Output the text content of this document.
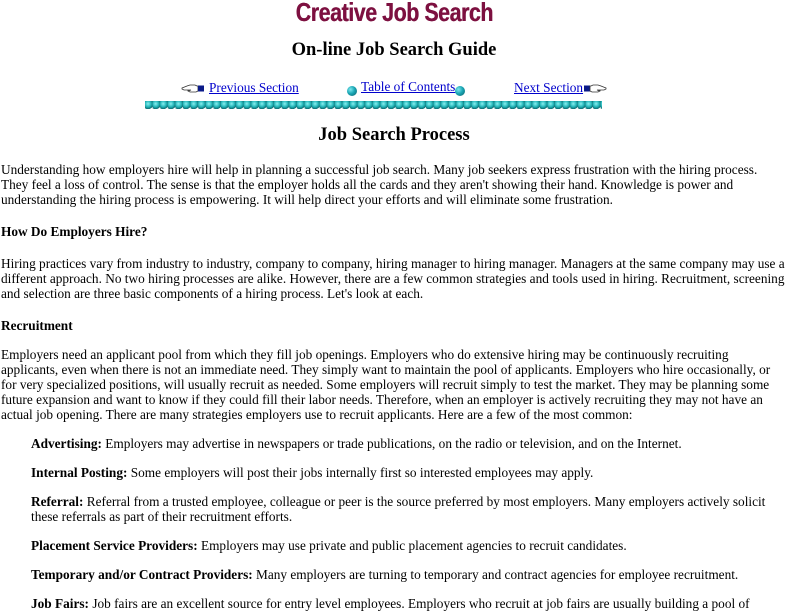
Creative Job Search
On-line Job Search Guide
Previous Section	Table of Contents	Next Section
Job Search Process

Understanding how employers hire will help in planning a successful job search. Many job seekers express frustration with the hiring process. They feel a loss of control. The sense is that the employer holds all the cards and they aren't showing their hand. Knowledge is power and understanding the hiring process is empowering. It will help direct your efforts and will eliminate some frustration.

How Do Employers Hire?

Hiring practices vary from industry to industry, company to company, hiring manager to hiring manager. Managers at the same company may use a different approach. No two hiring processes are alike. However, there are a few common strategies and tools used in hiring. Recruitment, screening and selection are three basic components of a hiring process. Let's look at each.

Recruitment

Employers need an applicant pool from which they fill job openings. Employers who do extensive hiring may be continuously recruiting applicants, even when there is not an immediate need. They simply want to maintain the pool of applicants. Employers who hire occasionally, or for very specialized positions, will usually recruit as needed. Some employers will recruit simply to test the market. They may be planning some future expansion and want to know if they could fill their labor needs. Therefore, when an employer is actively recruiting they may not have an actual job opening. There are many strategies employers use to recruit applicants. Here are a few of the most common:

Advertising: Employers may advertise in newspapers or trade publications, on the radio or television, and on the Internet.

Internal Posting: Some employers will post their jobs internally first so interested employees may apply.

Referral: Referral from a trusted employee, colleague or peer is the source preferred by most employers. Many employers actively solicit these referrals as part of their recruitment efforts.

Placement Service Providers: Employers may use private and public placement agencies to recruit candidates.

Temporary and/or Contract Providers: Many employers are turning to temporary and contract agencies for employee recruitment.

Job Fairs: Job fairs are an excellent source for entry level employees. Employers who recruit at job fairs are usually building a pool of
